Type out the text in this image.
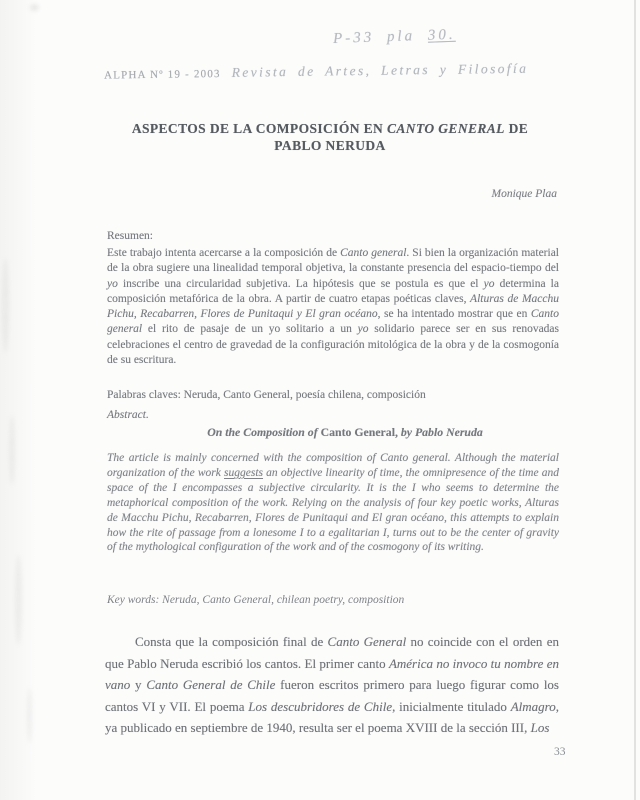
P-33 pla 30.
ALPHA Nº 19 - 2003 Revista de Artes, Letras y Filosofía
ASPECTOS DE LA COMPOSICIÓN EN CANTO GENERAL DE
PABLO NERUDA
Monique Plaa
Resumen:
Este trabajo intenta acercarse a la composición de Canto general. Si bien la organización material de la obra sugiere una linealidad temporal objetiva, la constante presencia del espacio-tiempo del yo inscribe una circularidad subjetiva. La hipótesis que se postula es que el yo determina la composición metafórica de la obra. A partir de cuatro etapas poéticas claves, Alturas de Macchu Pichu, Recabarren, Flores de Punitaqui y El gran océano, se ha intentado mostrar que en Canto general el rito de pasaje de un yo solitario a un yo solidario parece ser en sus renovadas celebraciones el centro de gravedad de la configuración mitológica de la obra y de la cosmogonía de su escritura.
Palabras claves: Neruda, Canto General, poesía chilena, composición
Abstract.
On the Composition of Canto General, by Pablo Neruda
The article is mainly concerned with the composition of Canto general. Although the material organization of the work suggests an objective linearity of time, the omnipresence of the time and space of the I encompasses a subjective circularity. It is the I who seems to determine the metaphorical composition of the work. Relying on the analysis of four key poetic works, Alturas de Macchu Pichu, Recabarren, Flores de Punitaqui and El gran océano, this attempts to explain how the rite of passage from a lonesome I to a egalitarian I, turns out to be the center of gravity of the mythological configuration of the work and of the cosmogony of its writing.
Key words: Neruda, Canto General, chilean poetry, composition
Consta que la composición final de Canto General no coincide con el orden en que Pablo Neruda escribió los cantos. El primer canto América no invoco tu nombre en vano y Canto General de Chile fueron escritos primero para luego figurar como los cantos VI y VII. El poema Los descubridores de Chile, inicialmente titulado Almagro, ya publicado en septiembre de 1940, resulta ser el poema XVIII de la sección III, Los
33
